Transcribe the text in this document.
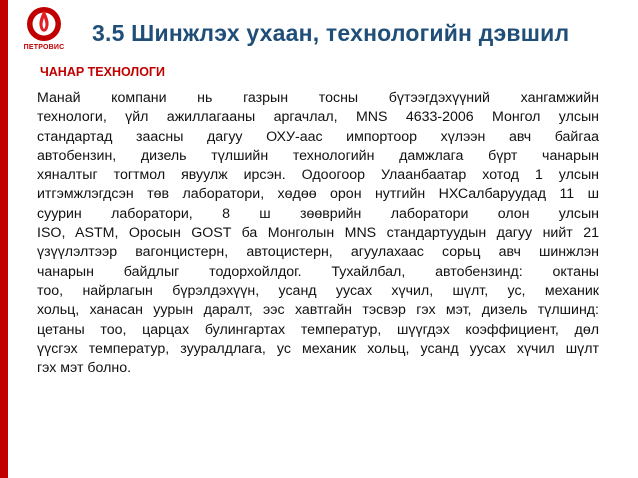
ПЕТРОВИС
3.5 Шинжлэх ухаан, технологийн дэвшил
ЧАНАР ТЕХНОЛОГИ
Манай компани нь газрын тосны бүтээгдэхүүний хангамжийн
технологи, үйл ажиллагааны аргачлал, MNS 4633-2006 Монгол улсын
стандартад заасны дагуу ОХУ-аас импортоор хүлээн авч байгаа
автобензин, дизель түлшийн технологийн дамжлага бүрт чанарын
хяналтыг тогтмол явуулж ирсэн. Одоогоор Улаанбаатар хотод 1 улсын
итгэмжлэгдсэн төв лаборатори, хөдөө орон нутгийн НХСалбаруудад 11 ш
суурин лаборатори, 8 ш зөөврийн лаборатори олон улсын
ISO, ASTM, Оросын GOST ба Монголын MNS стандартуудын дагуу нийт 21
үзүүлэлтээр вагонцистерн, автоцистерн, агуулахаас сорьц авч шинжлэн
чанарын байдлыг тодорхойлдог. Тухайлбал, автобензинд: октаны
тоо, найрлагын бүрэлдэхүүн, усанд уусах хүчил, шүлт, ус, механик
хольц, ханасан уурын даралт, ээс хавтгайн тэсвэр гэх мэт, дизель түлшинд:
цетаны тоо, царцах булингартах температур, шүүгдэх коэффициент, дөл
үүсгэх температур, зууралдлага, ус механик хольц, усанд уусах хүчил шүлт
гэх мэт болно.
